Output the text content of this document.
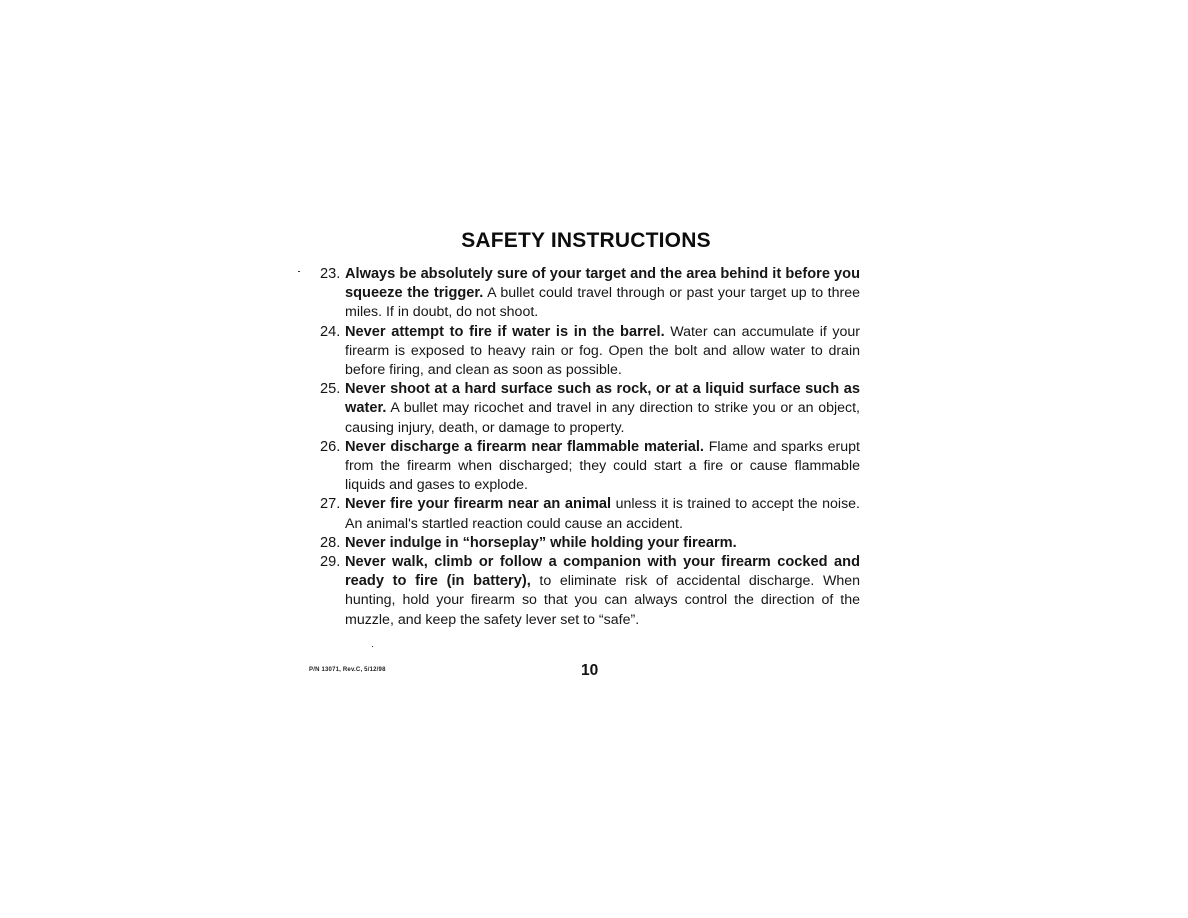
SAFETY INSTRUCTIONS
23. Always be absolutely sure of your target and the area behind it before you squeeze the trigger. A bullet could travel through or past your target up to three miles. If in doubt, do not shoot.
24. Never attempt to fire if water is in the barrel. Water can accumulate if your firearm is exposed to heavy rain or fog. Open the bolt and allow water to drain before firing, and clean as soon as possible.
25. Never shoot at a hard surface such as rock, or at a liquid surface such as water. A bullet may ricochet and travel in any direction to strike you or an object, causing injury, death, or damage to property.
26. Never discharge a firearm near flammable material. Flame and sparks erupt from the firearm when discharged; they could start a fire or cause flammable liquids and gases to explode.
27. Never fire your firearm near an animal unless it is trained to accept the noise. An animal's startled reaction could cause an accident.
28. Never indulge in “horseplay” while holding your firearm.
29. Never walk, climb or follow a companion with your firearm cocked and ready to fire (in battery), to eliminate risk of accidental discharge. When hunting, hold your firearm so that you can always control the direction of the muzzle, and keep the safety lever set to “safe”.
P/N 13071, Rev.C, 5/12/98	10
